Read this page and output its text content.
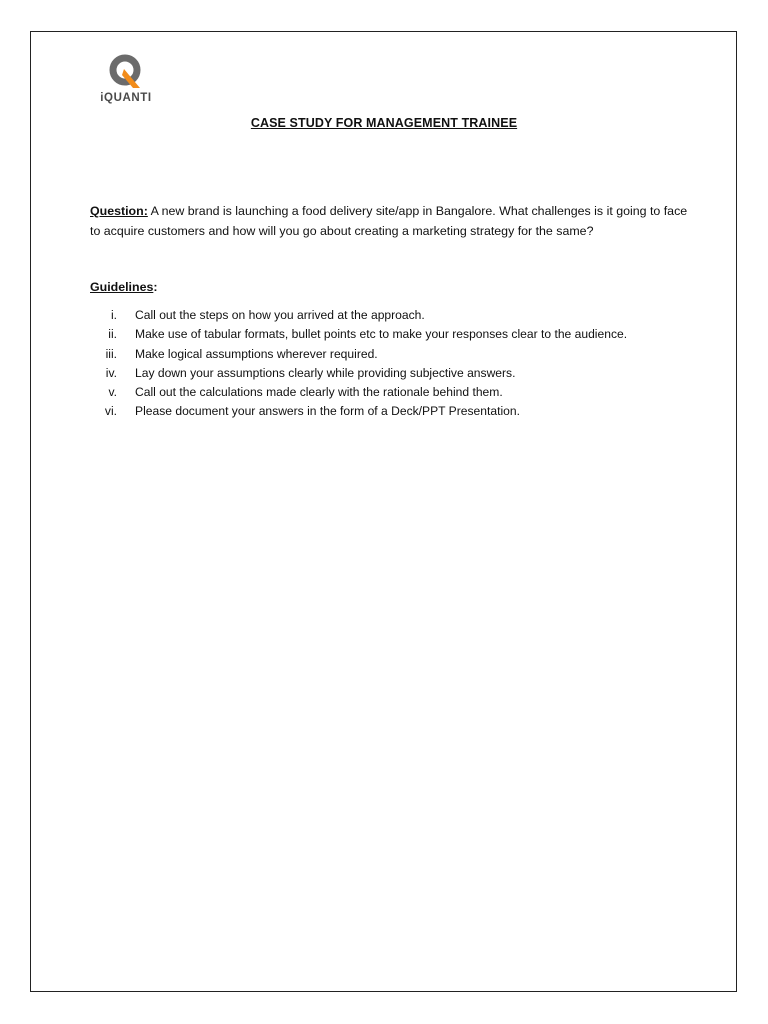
iQUANTI
CASE STUDY FOR MANAGEMENT TRAINEE
Question: A new brand is launching a food delivery site/app in Bangalore. What challenges is it going to face to acquire customers and how will you go about creating a marketing strategy for the same?
Guidelines:
i. Call out the steps on how you arrived at the approach.
ii. Make use of tabular formats, bullet points etc to make your responses clear to the audience.
iii. Make logical assumptions wherever required.
iv. Lay down your assumptions clearly while providing subjective answers.
v. Call out the calculations made clearly with the rationale behind them.
vi. Please document your answers in the form of a Deck/PPT Presentation.
